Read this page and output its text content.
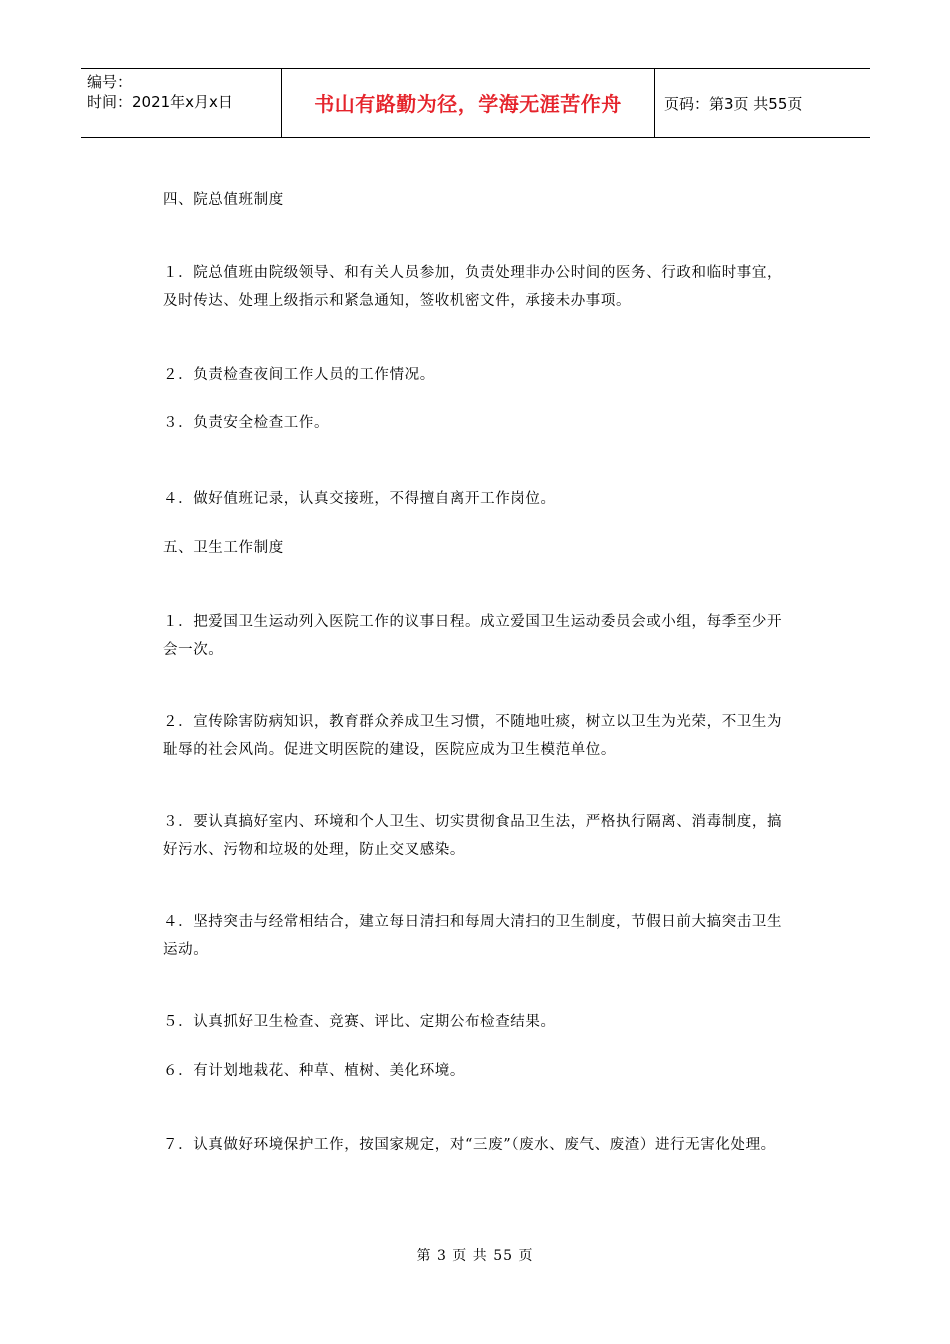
编号：
时间：2021年x月x日	书山有路勤为径，学海无涯苦作舟	页码：第3页 共55页
四、院总值班制度
１．院总值班由院级领导、和有关人员参加，负责处理非办公时间的医务、行政和临时事宜，及时传达、处理上级指示和紧急通知，签收机密文件，承接未办事项。
２．负责检查夜间工作人员的工作情况。
３．负责安全检查工作。
４．做好值班记录，认真交接班，不得擅自离开工作岗位。
五、卫生工作制度
１．把爱国卫生运动列入医院工作的议事日程。成立爱国卫生运动委员会或小组，每季至少开会一次。
２．宣传除害防病知识，教育群众养成卫生习惯，不随地吐痰，树立以卫生为光荣，不卫生为耻辱的社会风尚。促进文明医院的建设，医院应成为卫生模范单位。
３．要认真搞好室内、环境和个人卫生、切实贯彻食品卫生法，严格执行隔离、消毒制度，搞好污水、污物和垃圾的处理，防止交叉感染。
４．坚持突击与经常相结合，建立每日清扫和每周大清扫的卫生制度，节假日前大搞突击卫生运动。
５．认真抓好卫生检查、竞赛、评比、定期公布检查结果。
６．有计划地栽花、种草、植树、美化环境。
７．认真做好环境保护工作，按国家规定，对“三废”（废水、废气、废渣）进行无害化处理。
第 3 页 共 55 页
